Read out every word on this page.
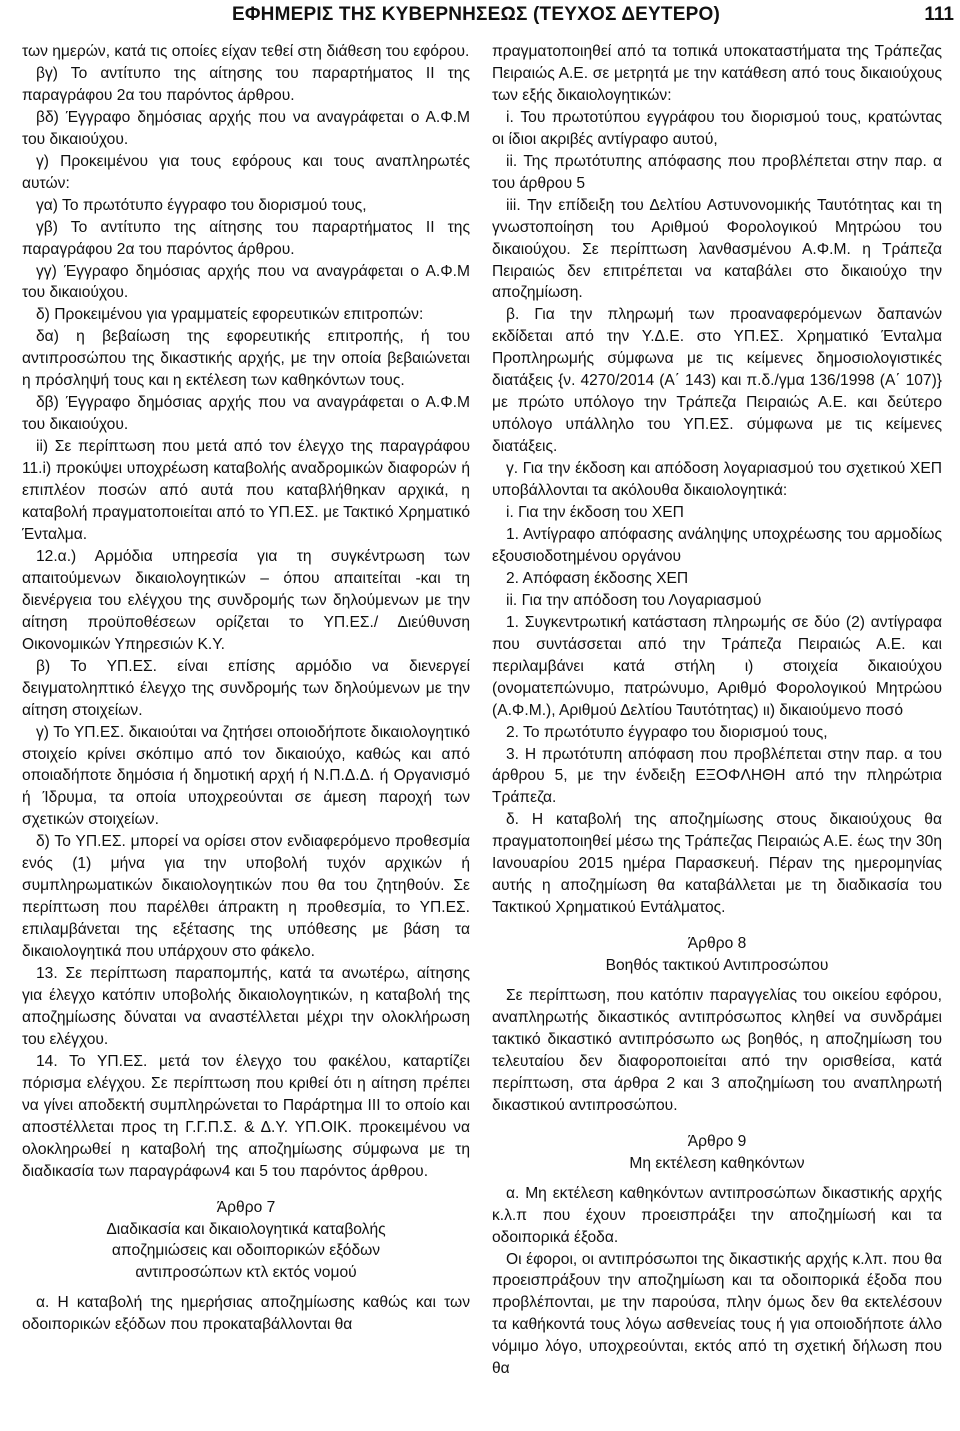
ΕΦΗΜΕΡΙΣ ΤΗΣ ΚΥΒΕΡΝΗΣΕΩΣ (ΤΕΥΧΟΣ ΔΕΥΤΕΡΟ)	111

των ημερών, κατά τις οποίες είχαν τεθεί στη διάθεση του εφόρου.

βγ) Το αντίτυπο της αίτησης του παραρτήματος ΙΙ της παραγράφου 2α του παρόντος άρθρου.

βδ) Έγγραφο δημόσιας αρχής που να αναγράφεται ο Α.Φ.Μ του δικαιούχου.

γ) Προκειμένου για τους εφόρους και τους αναπληρωτές αυτών:

γα) Το πρωτότυπο έγγραφο του διορισμού τους,

γβ) Το αντίτυπο της αίτησης του παραρτήματος ΙΙ της παραγράφου 2α του παρόντος άρθρου.

γγ) Έγγραφο δημόσιας αρχής που να αναγράφεται ο Α.Φ.Μ του δικαιούχου.

δ) Προκειμένου για γραμματείς εφορευτικών επιτροπών:

δα) η βεβαίωση της εφορευτικής επιτροπής, ή του αντιπροσώπου της δικαστικής αρχής, με την οποία βεβαιώνεται η πρόσληψή τους και η εκτέλεση των καθηκόντων τους.

δβ) Έγγραφο δημόσιας αρχής που να αναγράφεται ο Α.Φ.Μ του δικαιούχου.

ii) Σε περίπτωση που μετά από τον έλεγχο της παραγράφου 11.i) προκύψει υποχρέωση καταβολής αναδρομικών διαφορών ή επιπλέον ποσών από αυτά που καταβλήθηκαν αρχικά, η καταβολή πραγματοποιείται από το ΥΠ.ΕΣ. με Τακτικό Χρηματικό Ένταλμα.

12.α.) Αρμόδια υπηρεσία για τη συγκέντρωση των απαιτούμενων δικαιολογητικών – όπου απαιτείται -και τη διενέργεια του ελέγχου της συνδρομής των δηλούμενων με την αίτηση προϋποθέσεων ορίζεται το ΥΠ.ΕΣ./ Διεύθυνση Οικονομικών Υπηρεσιών Κ.Υ.

β) Το ΥΠ.ΕΣ. είναι επίσης αρμόδιο να διενεργεί δειγματοληπτικό έλεγχο της συνδρομής των δηλούμενων με την αίτηση στοιχείων.

γ) Το ΥΠ.ΕΣ. δικαιούται να ζητήσει οποιοδήποτε δικαιολογητικό στοιχείο κρίνει σκόπιμο από τον δικαιούχο, καθώς και από οποιαδήποτε δημόσια ή δημοτική αρχή ή Ν.Π.Δ.Δ. ή Οργανισμό ή Ίδρυμα, τα οποία υποχρεούνται σε άμεση παροχή των σχετικών στοιχείων.

δ) Το ΥΠ.ΕΣ. μπορεί να ορίσει στον ενδιαφερόμενο προθεσμία ενός (1) μήνα για την υποβολή τυχόν αρχικών ή συμπληρωματικών δικαιολογητικών που θα του ζητηθούν. Σε περίπτωση που παρέλθει άπρακτη η προθεσμία, το ΥΠ.ΕΣ. επιλαμβάνεται της εξέτασης της υπόθεσης με βάση τα δικαιολογητικά που υπάρχουν στο φάκελο.

13. Σε περίπτωση παραπομπής, κατά τα ανωτέρω, αίτησης για έλεγχο κατόπιν υποβολής δικαιολογητικών, η καταβολή της αποζημίωσης δύναται να αναστέλλεται μέχρι την ολοκλήρωση του ελέγχου.

14. Το ΥΠ.ΕΣ. μετά τον έλεγχο του φακέλου, καταρτίζει πόρισμα ελέγχου. Σε περίπτωση που κριθεί ότι η αίτηση πρέπει να γίνει αποδεκτή συμπληρώνεται το Παράρτημα ΙΙΙ το οποίο και αποστέλλεται προς τη Γ.Γ.Π.Σ. & Δ.Υ. ΥΠ.ΟΙΚ. προκειμένου να ολοκληρωθεί η καταβολή της αποζημίωσης σύμφωνα με τη διαδικασία των παραγράφων4 και 5 του παρόντος άρθρου.

Άρθρο 7

Διαδικασία και δικαιολογητικά καταβολής

αποζημιώσεις και οδοιπορικών εξόδων

αντιπροσώπων κτλ εκτός νομού

α. Η καταβολή της ημερήσιας αποζημίωσης καθώς και των οδοιπορικών εξόδων που προκαταβάλλονται θα

πραγματοποιηθεί από τα τοπικά υποκαταστήματα της Τράπεζας Πειραιώς Α.Ε. σε μετρητά με την κατάθεση από τους δικαιούχους των εξής δικαιολογητικών:

i. Του πρωτοτύπου εγγράφου του διορισμού τους, κρατώντας οι ίδιοι ακριβές αντίγραφο αυτού,

ii. Της πρωτότυπης απόφασης που προβλέπεται στην παρ. α του άρθρου 5

iii. Την επίδειξη του Δελτίου Αστυνονομικής Ταυτότητας και τη γνωστοποίηση του Αριθμού Φορολογικού Μητρώου του δικαιούχου. Σε περίπτωση λανθασμένου Α.Φ.Μ. η Τράπεζα Πειραιώς δεν επιτρέπεται να καταβάλει στο δικαιούχο την αποζημίωση.

β. Για την πληρωμή των προαναφερόμενων δαπανών εκδίδεται από την Υ.Δ.Ε. στο ΥΠ.ΕΣ. Χρηματικό Ένταλμα Προπληρωμής σύμφωνα με τις κείμενες δημοσιολογιστικές διατάξεις {ν. 4270/2014 (Α΄ 143) και π.δ./γμα 136/1998 (Α΄ 107)} με πρώτο υπόλογο την Τράπεζα Πειραιώς Α.Ε. και δεύτερο υπόλογο υπάλληλο του ΥΠ.ΕΣ. σύμφωνα με τις κείμενες διατάξεις.

γ. Για την έκδοση και απόδοση λογαριασμού του σχετικού ΧΕΠ υποβάλλονται τα ακόλουθα δικαιολογητικά:

i. Για την έκδοση του ΧΕΠ

1. Αντίγραφο απόφασης ανάληψης υποχρέωσης του αρμοδίως εξουσιοδοτημένου οργάνου

2. Απόφαση έκδοσης ΧΕΠ

ii. Για την απόδοση του Λογαριασμού

1. Συγκεντρωτική κατάσταση πληρωμής σε δύο (2) αντίγραφα που συντάσσεται από την Τράπεζα Πειραιώς Α.Ε. και περιλαμβάνει κατά στήλη ι) στοιχεία δικαιούχου (ονοματεπώνυμο, πατρώνυμο, Αριθμό Φορολογικού Μητρώου (Α.Φ.Μ.), Αριθμού Δελτίου Ταυτότητας) ιι) δικαιούμενο ποσό

2. Το πρωτότυπο έγγραφο του διορισμού τους,

3. Η πρωτότυπη απόφαση που προβλέπεται στην παρ. α του άρθρου 5, με την ένδειξη ΕΞΟΦΛΗΘΗ από την πληρώτρια Τράπεζα.

δ. Η καταβολή της αποζημίωσης στους δικαιούχους θα πραγματοποιηθεί μέσω της Τράπεζας Πειραιώς Α.Ε. έως την 30η Ιανουαρίου 2015 ημέρα Παρασκευή. Πέραν της ημερομηνίας αυτής η αποζημίωση θα καταβάλλεται με τη διαδικασία του Τακτικού Χρηματικού Εντάλματος.

Άρθρο 8

Βοηθός τακτικού Αντιπροσώπου

Σε περίπτωση, που κατόπιν παραγγελίας του οικείου εφόρου, αναπληρωτής δικαστικός αντιπρόσωπος κληθεί να συνδράμει τακτικό δικαστικό αντιπρόσωπο ως βοηθός, η αποζημίωση του τελευταίου δεν διαφοροποιείται από την ορισθείσα, κατά περίπτωση, στα άρθρα 2 και 3 αποζημίωση του αναπληρωτή δικαστικού αντιπροσώπου.

Άρθρο 9

Μη εκτέλεση καθηκόντων

α. Μη εκτέλεση καθηκόντων αντιπροσώπων δικαστικής αρχής κ.λ.π που έχουν προεισπράξει την αποζημίωσή και τα οδοιπορικά έξοδα.

Οι έφοροι, οι αντιπρόσωποι της δικαστικής αρχής κ.λπ. που θα προεισπράξουν την αποζημίωση και τα οδοιπορικά έξοδα που προβλέπονται, με την παρούσα, πλην όμως δεν θα εκτελέσουν τα καθήκοντά τους λόγω ασθενείας τους ή για οποιοδήποτε άλλο νόμιμο λόγο, υποχρεούνται, εκτός από τη σχετική δήλωση που θα
